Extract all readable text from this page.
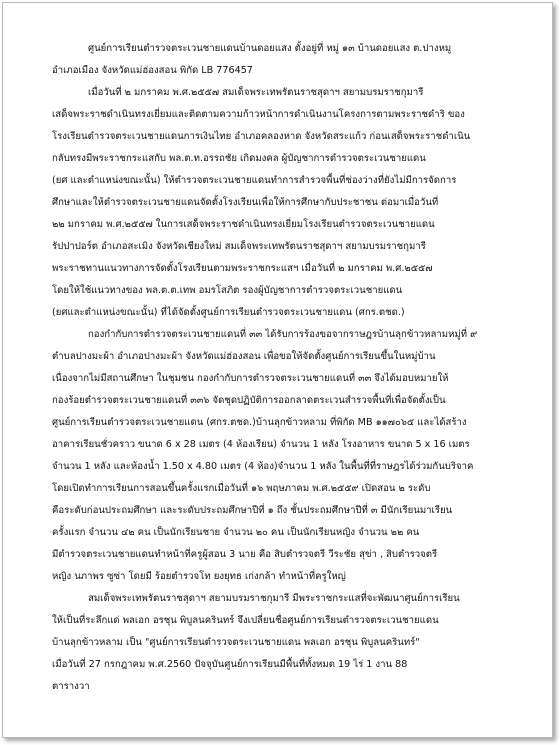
ศูนย์การเรียนตำรวจตระเวนชายแดนบ้านดอยแสง ตั้งอยู่ที่ หมู่ ๑๓ บ้านดอยแสง ต.ปางหมู
อำเภอเมือง จังหวัดแม่ฮ่องสอน พิกัด LB 776457

เมื่อวันที่ ๒ มกราคม พ.ศ.๒๕๕๗ สมเด็จพระเทพรัตนราชสุดาฯ สยามบรมราชกุมารี
เสด็จพระราชดำเนินทรงเยี่ยมและติดตามความก้าวหน้าการดำเนินงานโครงการตามพระราชดำริ ของ
โรงเรียนตำรวจตระเวนชายแดนการเงินไทย อำเภอคลองหาด จังหวัดสระแก้ว ก่อนเสด็จพระราชดำเนิน
กลับทรงมีพระราชกระแสกับ พล.ต.ท.อรรถชัย เกิดมงคล ผู้บัญชาการตำรวจตระเวนชายแดน
(ยศ และตำแหน่งขณะนั้น) ให้ตำรวจตระเวนชายแดนทำการสำรวจพื้นที่ช่องว่างที่ยังไม่มีการจัดการ
ศึกษาและให้ตำรวจตระเวนชายแดนจัดตั้งโรงเรียนเพื่อให้การศึกษากับประชาชน ต่อมาเมื่อวันที่
๒๒ มกราคม พ.ศ.๒๕๕๗ ในการเสด็จพระราชดำเนินทรงเยี่ยมโรงเรียนตำรวจตระเวนชายแดน
รัปปาปอร์ต อำเภอสะเมิง จังหวัดเชียงใหม่ สมเด็จพระเทพรัตนราชสุดาฯ สยามบรมราชกุมารี
พระราชทานแนวทางการจัดตั้งโรงเรียนตามพระราชกระแสฯ เมื่อวันที่ ๒ มกราคม พ.ศ.๒๕๕๗
โดยให้ใช้แนวทางของ พล.ต.ต.เทพ อมรโสภิต รองผู้บัญชาการตำรวจตระเวนชายแดน
(ยศและตำแหน่งขณะนั้น) ที่ได้จัดตั้งศูนย์การเรียนตำรวจตระเวนชายแดน (ศกร.ตชด.)

กองกำกับการตำรวจตระเวนชายแดนที่ ๓๓ ได้รับการร้องขอจากราษฎรบ้านลุกข้าวหลามหมู่ที่ ๙
ตำบลปางมะผ้า อำเภอปางมะผ้า จังหวัดแม่ฮ่องสอน เพื่อขอให้จัดตั้งศูนย์การเรียนขึ้นในหมู่บ้าน
เนื่องจากไม่มีสถานศึกษา ในชุมชน กองกำกับการตำรวจตระเวนชายแดนที่ ๓๓ จึงได้มอบหมายให้
กองร้อยตำรวจตระเวนชายแดนที่ ๓๓๖ จัดชุดปฏิบัติการออกลาดตระเวนสำรวจพื้นที่เพื่อจัดตั้งเป็น
ศูนย์การเรียนตำรวจตระเวนชายแดน (ศกร.ตชด.)บ้านลุกข้าวหลาม ที่พิกัด MB ๑๑๗๐๖๕ และได้สร้าง
อาคารเรียนชั่วคราว ขนาด 6 x 28 เมตร (4 ห้องเรียน) จำนวน 1 หลัง โรงอาหาร ขนาด 5 x 16 เมตร
จำนวน 1 หลัง และห้องน้ำ 1.50 x 4.80 เมตร (4 ห้อง)จำนวน 1 หลัง ในพื้นที่ที่ราษฎรได้ร่วมกันบริจาค
โดยเปิดทำการเรียนการสอนขึ้นครั้งแรกเมื่อวันที่ ๑๖ พฤษภาคม พ.ศ.๒๕๕๙ เปิดสอน ๒ ระดับ
คือระดับก่อนประถมศึกษา และระดับประถมศึกษาปีที่ ๑ ถึง ชั้นประถมศึกษาปีที่ ๓ มีนักเรียนมาเรียน
ครั้งแรก จำนวน ๔๒ คน เป็นนักเรียนชาย จำนวน ๒๐ คน เป็นนักเรียนหญิง จำนวน ๒๒ คน
มีตำรวจตระเวนชายแดนทำหน้าที่ครูผู้สอน 3 นาย คือ สิบตำรวจตรี วีระชัย สุข่า , สิบตำรวจตรี
หญิง นภาพร ซูซ่า โดยมี ร้อยตำรวจโท ยงยุทธ เก่งกล้า ทำหน้าที่ครูใหญ่

สมเด็จพระเทพรัตนราชสุดาฯ สยามบรมราชกุมารี มีพระราชกระแสที่จะพัฒนาศูนย์การเรียน
ให้เป็นที่ระลึกแด่ พลเอก อรชุน พิบูลนครินทร์ จึงเปลี่ยนชื่อศูนย์การเรียนตำรวจตระเวนชายแดน
บ้านลุกข้าวหลาม เป็น "ศูนย์การเรียนตำรวจตระเวนชายแดน พลเอก อรชุน พิบูลนครินทร์"
เมื่อวันที่ 27 กรกฎาคม พ.ศ.2560 ปัจจุบันศูนย์การเรียนมีพื้นที่ทั้งหมด 19 ไร่ 1 งาน 88
ตารางวา
